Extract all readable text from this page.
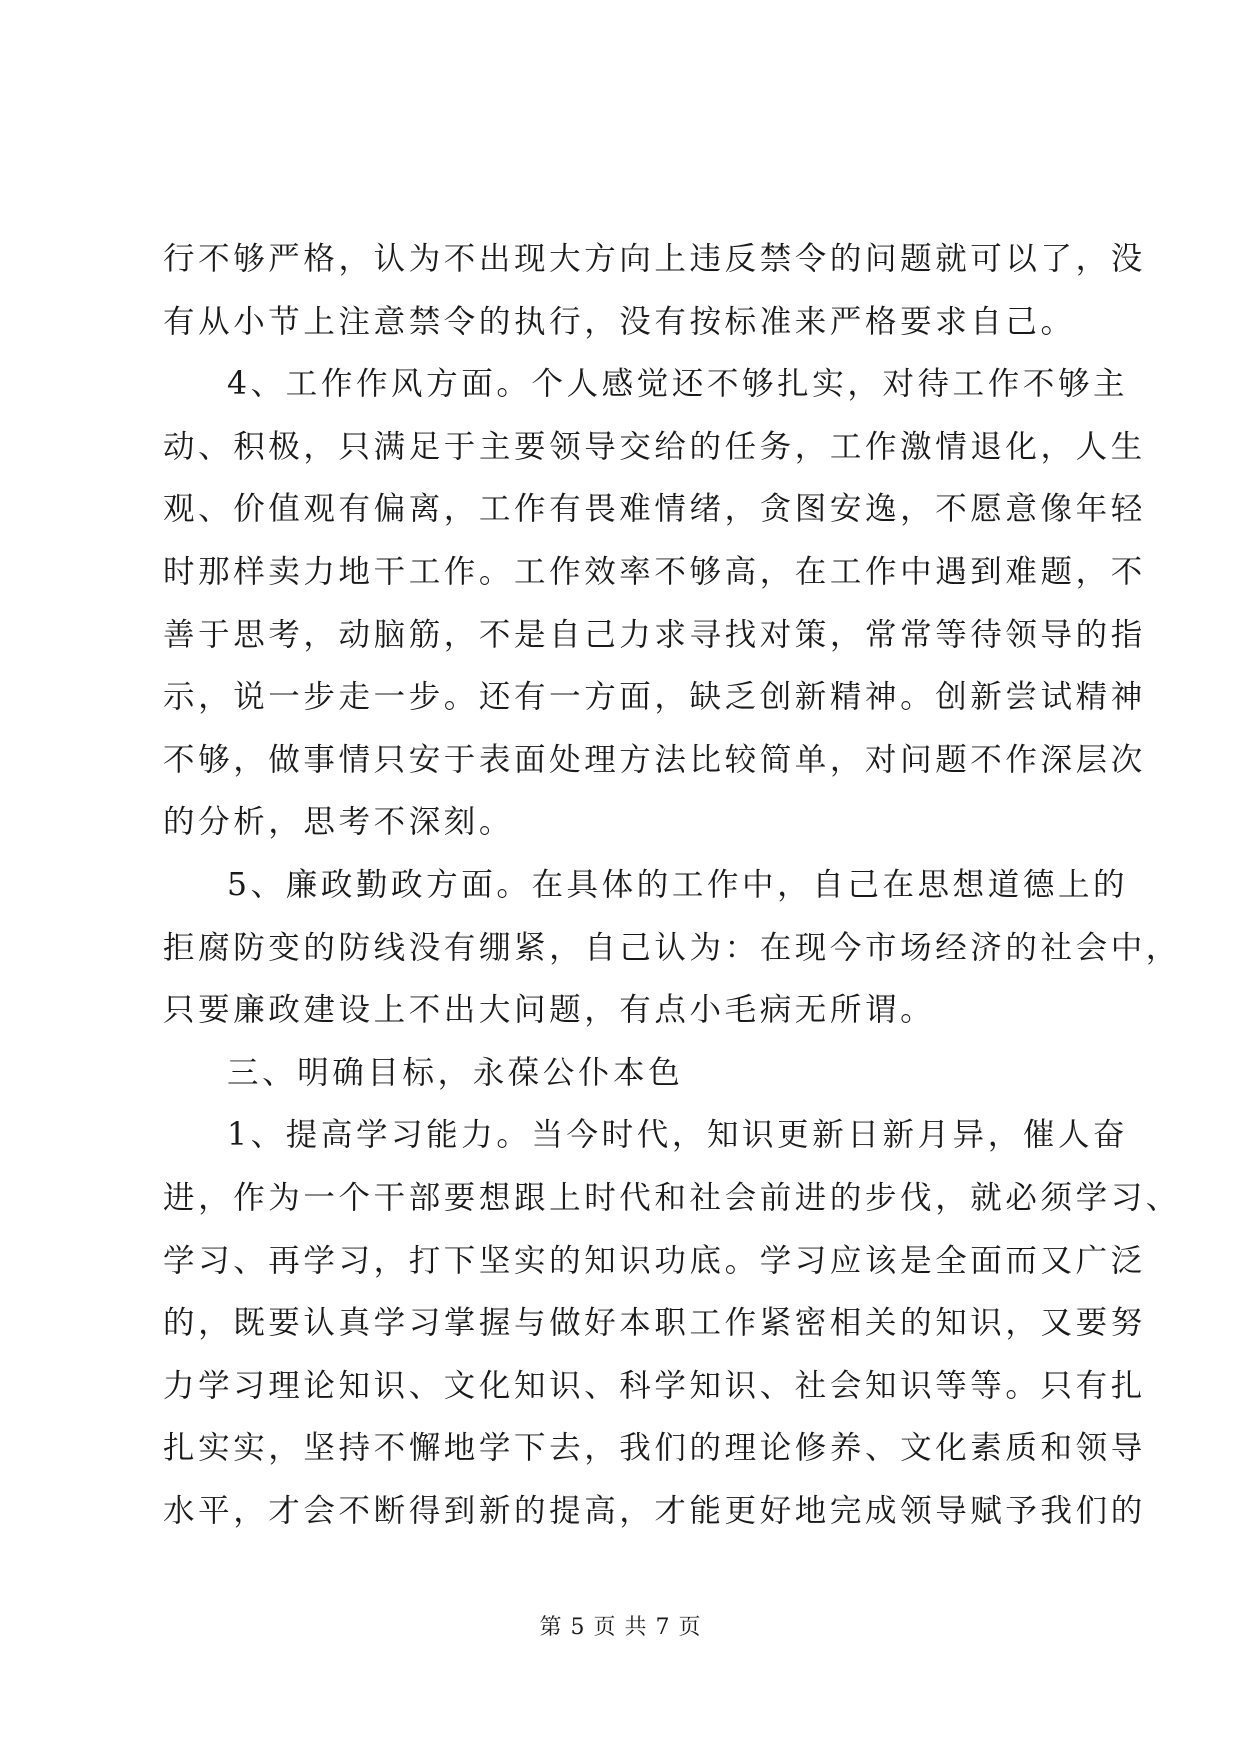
行不够严格，认为不出现大方向上违反禁令的问题就可以了，没
有从小节上注意禁令的执行，没有按标准来严格要求自己。
4、工作作风方面。个人感觉还不够扎实，对待工作不够主
动、积极，只满足于主要领导交给的任务，工作激情退化，人生
观、价值观有偏离，工作有畏难情绪，贪图安逸，不愿意像年轻
时那样卖力地干工作。工作效率不够高，在工作中遇到难题，不
善于思考，动脑筋，不是自己力求寻找对策，常常等待领导的指
示，说一步走一步。还有一方面，缺乏创新精神。创新尝试精神
不够，做事情只安于表面处理方法比较简单，对问题不作深层次
的分析，思考不深刻。
5、廉政勤政方面。在具体的工作中，自己在思想道德上的
拒腐防变的防线没有绷紧，自己认为：在现今市场经济的社会中，
只要廉政建设上不出大问题，有点小毛病无所谓。
三、明确目标，永葆公仆本色
1、提高学习能力。当今时代，知识更新日新月异，催人奋
进，作为一个干部要想跟上时代和社会前进的步伐，就必须学习、
学习、再学习，打下坚实的知识功底。学习应该是全面而又广泛
的，既要认真学习掌握与做好本职工作紧密相关的知识，又要努
力学习理论知识、文化知识、科学知识、社会知识等等。只有扎
扎实实，坚持不懈地学下去，我们的理论修养、文化素质和领导
水平，才会不断得到新的提高，才能更好地完成领导赋予我们的
第 5 页 共 7 页
